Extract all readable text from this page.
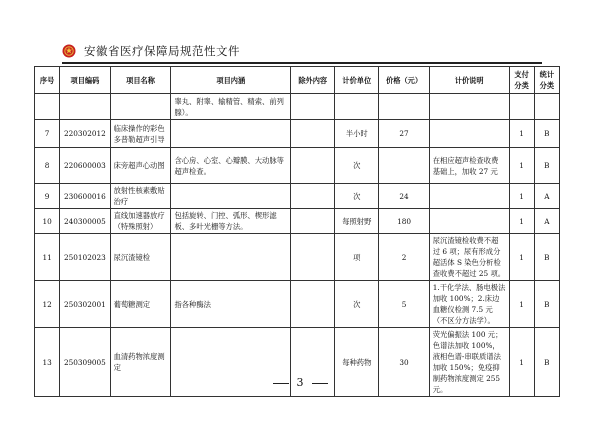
安徽省医疗保障局规范性文件
序号	项目编码	项目名称	项目内涵	除外内容	计价单位	价格（元）	计价说明	支付分类	统计分类
			睾丸、附睾、输精管、精索、前列腺）。						
7	220302012	临床操作的彩色多普勒超声引导			半小时	27		1	B
8	220600003	床旁超声心动图	含心房、心室、心瓣膜、大动脉等超声检查。		次		在相应超声检查收费基础上，加收 27 元	1	B
9	230600016	放射性核素敷贴治疗			次	24		1	A
10	240300005	直线加速器放疗（特殊照射）	包括旋转、门控、弧形、楔形滤板、多叶光栅等方法。		每照射野	180		1	A
11	250102023	尿沉渣镜检			项	2	尿沉渣镜检收费不超过 6 项；尿有形成分超活体 S 染色分析检查收费不超过 25 项。	1	B
12	250302001	葡萄糖测定	指各种酶法		次	5	1.干化学法、肠电极法加收 100%；2.床边血糖仪检测 7.5 元（不区分方法学）。	1	B
13	250309005	血清药物浓度测定			每种药物	30	荧光偏振法 100 元；色谱法加收 100%，液相色谱-串联质谱法加收 150%；免疫抑制药物浓度测定 255 元。	1	B
3
